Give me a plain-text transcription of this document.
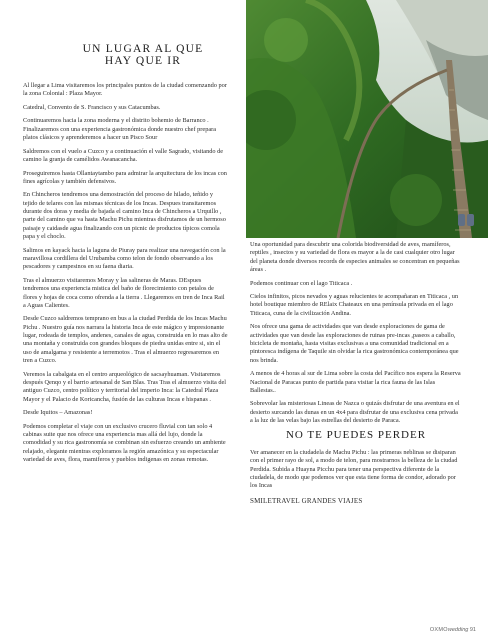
UN LUGAR AL QUE
HAY QUE IR

Al llegar a Lima visitaremos los principales puntos de la ciudad comenzando por la zona Colonial : Plaza Mayor.

Catedral, Convento de S. Francisco y sus Catacumbas.

Continuaremos hacia la zona moderna y el distrito bohemio de Barranco . Finalizaremos con una experiencia gastronómica donde nuestro chef prepara platos clásicos y aprenderemos a hacer un Pisco Sour

Saldremos con el vuelo a Cuzco y a continuación el valle Sagrado, visitando de camino la granja de camélidos Awanacancha.

Proseguiremos hasta Ollantaytambo para admirar la arquitectura de los incas con fines agrícolas y también defensivos.

En Chincheros tendremos una demostración del proceso de hilado, teñido y tejido de telares con las mismas técnicas de los Incas. Despues transitaremos durante dos doras y media de bajada el camino Inca de Chincheros a Urquillo , parte del camino que va hasta Machu Pichu mientras disfrutamos de un hermoso paisaje y caidasde agua finalizando con un picnic de productos típicos comola papa y el choclo.

Salimos en kayack hacia la laguna de Piuray para realizar una navegación con la maravillosa cordillera del Urubamba como telon de fondo observando a los pescadores y campesinos en su faena diaria.

Tras el almuerzo visitaremos Moray y las salineras de Maras. DEspues tendremos una experiencia mistica del baño de florecimiento con petalos de flores y hojas de coca como ofrenda a la tierra . Llegaremos en tren de Inca Rail a Aguas Calientes.

Desde Cuzco saldremos temprano en bus a la ciudad Perdida de los Incas Machu Pichu . Nuestro guía nos narrara la historia Inca de este mágico y impresionante lugar, rodeada de templos, andenes, canales de agua, construida en lo mas alto de una montaña y construida con grandes bloques de piedra unidas entre si, sin el uso de amalgama y resistente a terremotos . Tras el almuerzo regresaremos en tren a Cuzco.

Veremos la cabalgata en el centro arqueológico de sacsayhuaman. Visitaremos después Qenqo y el barrio artesanal de San Blas. Tras Tras el almuerzo visita del antiguo Cuzco, centro político y territorial del imperio Inca: la Catedral Plaza Mayor y el Palacio de Koricancha, fusión de las culturas Incas e hispanas .

Desde Iquitos – Amazonas!

Podemos completar el viaje con un exclusivo crucero fluvial con tan solo 4 cabinas suite que nos ofrece una experiencia mas allá del lujo, donde la comodidad y su rica gastronomía se combinan sin esfuerzo creando un ambiente relajado, elegante mientras exploramos la región amazónica y su espectacular variedad de aves, flora, mamiferos y pueblos indigenas en zonas remotas.

Una oportunidad para descubrir una colorida biodiversidad de aves, mamíferos, reptiles , insectos y su variedad de flora es mayor a la de casi cualquier otro lugar del planeta donde diversos records de especies animales se concentran en pequeñas áreas .

Podemos continuar con el lago Titicaca .

Cielos infinitos, picos nevados y aguas relucientes te acompañaran en Titicaca , un hotel boutique miembro de RElaix Chateaux en una península privada en el lago Titicaca, cuna de la civilización Andina.

Nos ofrece una gama de actividades que van desde exploraciones de gama de actividades que van desde las exploraciones de ruinas pre-incas ,paseos a caballo, bicicleta de montaña, hasta visitas exclusivas a una comunidad tradicional en a pintoresca indígena de Taquile sin olvidar la rica gastronómica contemporánea que nos brinda.

A menos de 4 horas al sur de Lima sobre la costa del Pacífico nos espera la Reserva Nacional de Paracas punto de partida para visitar la rica fauna de las Islas Ballestas..

Sobrevolar las misteriosas Lineas de Nazca o quizás disfrutar de una aventura en el desierto surcando las dunas en un 4x4 para disfrutar de una exclusiva cena privada a la luz de las velas bajo las estrellas del desierto de Paraca.

NO TE PUEDES PERDER

Ver amanecer en la ciudadela de Machu Pichu : las primeras neblinas se disiparan con el primer rayo de sol, a modo de telon, para mostrarnos la belleza de la ciudad Perdida. Subida a Huayna Picchu para tener una perspectiva diferente de la ciudadela, de modo que podemos ver que esta tiene forma de condor, adorado por los Incas

SMILETRAVEL GRANDES VIAJES

OXMOwedding 91
